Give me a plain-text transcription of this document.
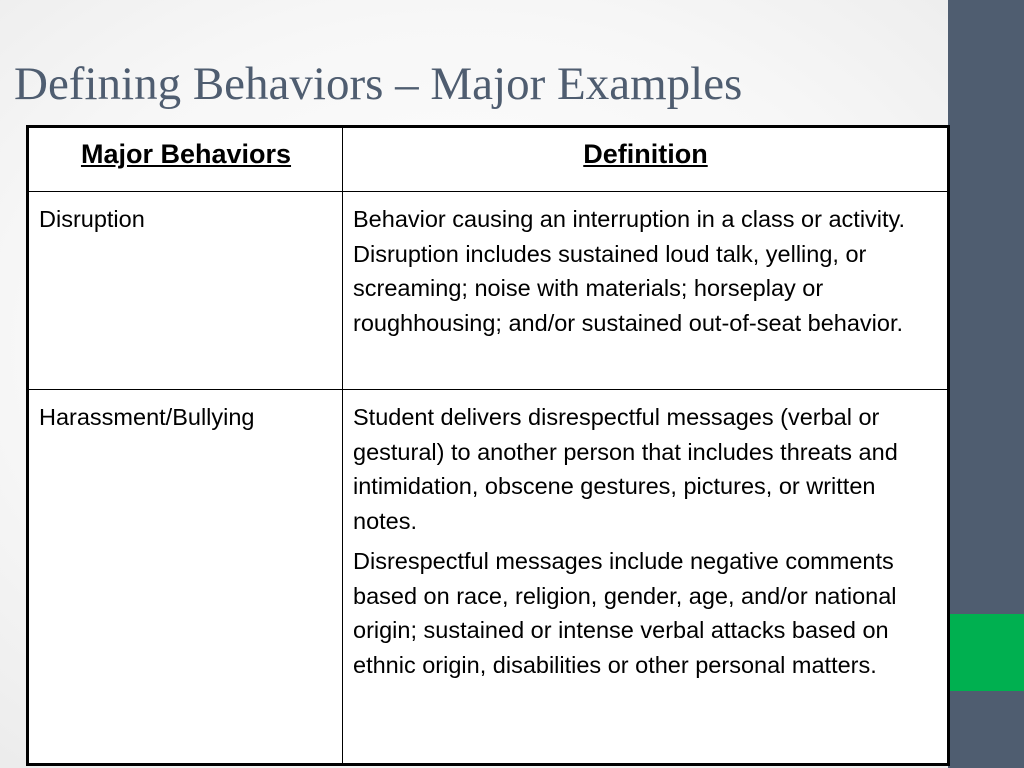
Defining Behaviors – Major Examples
Major Behaviors	Definition
Disruption	Behavior causing an interruption in a class or activity. Disruption includes sustained loud talk, yelling, or screaming; noise with materials; horseplay or roughhousing; and/or sustained out-of-seat behavior.

Harassment/Bullying	Student delivers disrespectful messages (verbal or gestural) to another person that includes threats and intimidation, obscene gestures, pictures, or written notes.

Disrespectful messages include negative comments based on race, religion, gender, age, and/or national origin; sustained or intense verbal attacks based on ethnic origin, disabilities or other personal matters.
